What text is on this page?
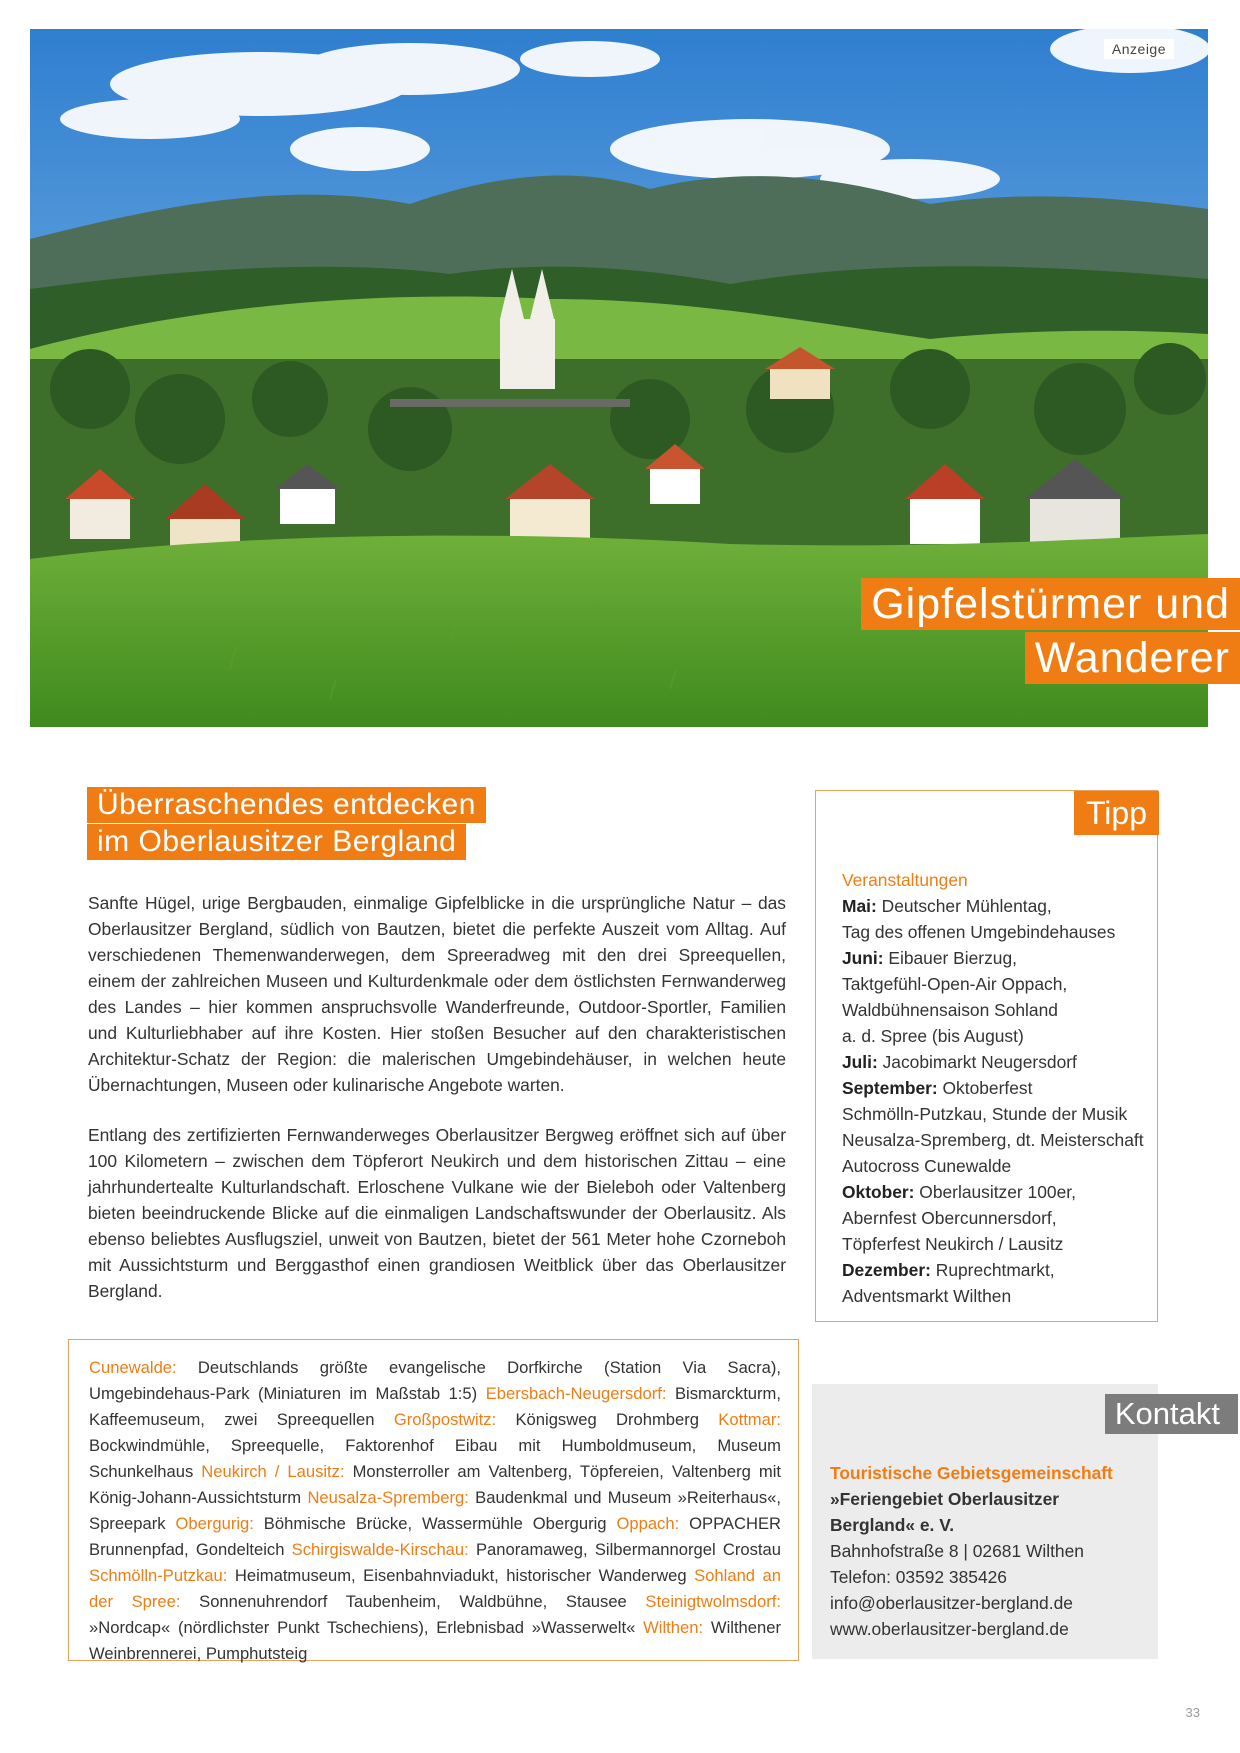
Anzeige
Gipfelstürmer und
Wanderer
Überraschendes entdecken
im Oberlausitzer Bergland

Sanfte Hügel, urige Bergbauden, einmalige Gipfelblicke in die ursprüngliche Natur – das Oberlausitzer Bergland, südlich von Bautzen, bietet die perfekte Auszeit vom Alltag. Auf verschiedenen Themenwanderwegen, dem Spreeradweg mit den drei Spreequellen, einem der zahlreichen Museen und Kulturdenkmale oder dem östlichsten Fernwanderweg des Landes – hier kommen anspruchsvolle Wanderfreunde, Outdoor-Sportler, Familien und Kulturliebhaber auf ihre Kosten. Hier stoßen Besucher auf den charakteristischen Architektur-Schatz der Region: die malerischen Umgebindehäuser, in welchen heute Übernachtungen, Museen oder kulinarische Angebote warten.

Entlang des zertifizierten Fernwanderweges Oberlausitzer Bergweg eröffnet sich auf über 100 Kilometern – zwischen dem Töpferort Neukirch und dem historischen Zittau – eine jahrhundertealte Kulturlandschaft. Erloschene Vulkane wie der Bieleboh oder Valtenberg bieten beeindruckende Blicke auf die einmaligen Landschaftswunder der Oberlausitz. Als ebenso beliebtes Ausflugsziel, unweit von Bautzen, bietet der 561 Meter hohe Czorneboh mit Aussichtsturm und Berggasthof einen grandiosen Weitblick über das Oberlausitzer Bergland.

Tipp
Veranstaltungen
Mai: Deutscher Mühlentag,
Tag des offenen Umgebindehauses
Juni: Eibauer Bierzug,
Taktgefühl-Open-Air Oppach,
Waldbühnensaison Sohland
a. d. Spree (bis August)
Juli: Jacobimarkt Neugersdorf
September: Oktoberfest
Schmölln-Putzkau, Stunde der Musik
Neusalza-Spremberg, dt. Meisterschaft
Autocross Cunewalde
Oktober: Oberlausitzer 100er,
Abernfest Obercunnersdorf,
Töpferfest Neukirch / Lausitz
Dezember: Ruprechtmarkt,
Adventsmarkt Wilthen

Cunewalde: Deutschlands größte evangelische Dorfkirche (Station Via Sacra), Umgebindehaus-Park (Miniaturen im Maßstab 1:5) Ebersbach-Neugersdorf: Bismarckturm, Kaffeemuseum, zwei Spreequellen Großpostwitz: Königsweg Drohmberg Kottmar: Bockwindmühle, Spreequelle, Faktorenhof Eibau mit Humboldmuseum, Museum Schunkelhaus Neukirch / Lausitz: Monsterroller am Valtenberg, Töpfereien, Valtenberg mit König-Johann-Aussichtsturm Neusalza-Spremberg: Baudenkmal und Museum »Reiterhaus«, Spreepark Obergurig: Böhmische Brücke, Wassermühle Obergurig Oppach: OPPACHER Brunnenpfad, Gondelteich Schirgiswalde-Kirschau: Panoramaweg, Silbermannorgel Crostau Schmölln-Putzkau: Heimatmuseum, Eisenbahnviadukt, historischer Wanderweg Sohland an der Spree: Sonnenuhrendorf Taubenheim, Waldbühne, Stausee Steinigtwolmsdorf: »Nordcap« (nördlichster Punkt Tschechiens), Erlebnisbad »Wasserwelt« Wilthen: Wilthener Weinbrennerei, Pumphutsteig

Kontakt
Touristische Gebietsgemeinschaft
»Feriengebiet Oberlausitzer
Bergland« e. V.
Bahnhofstraße 8 | 02681 Wilthen
Telefon: 03592 385426
info@oberlausitzer-bergland.de
www.oberlausitzer-bergland.de
33
